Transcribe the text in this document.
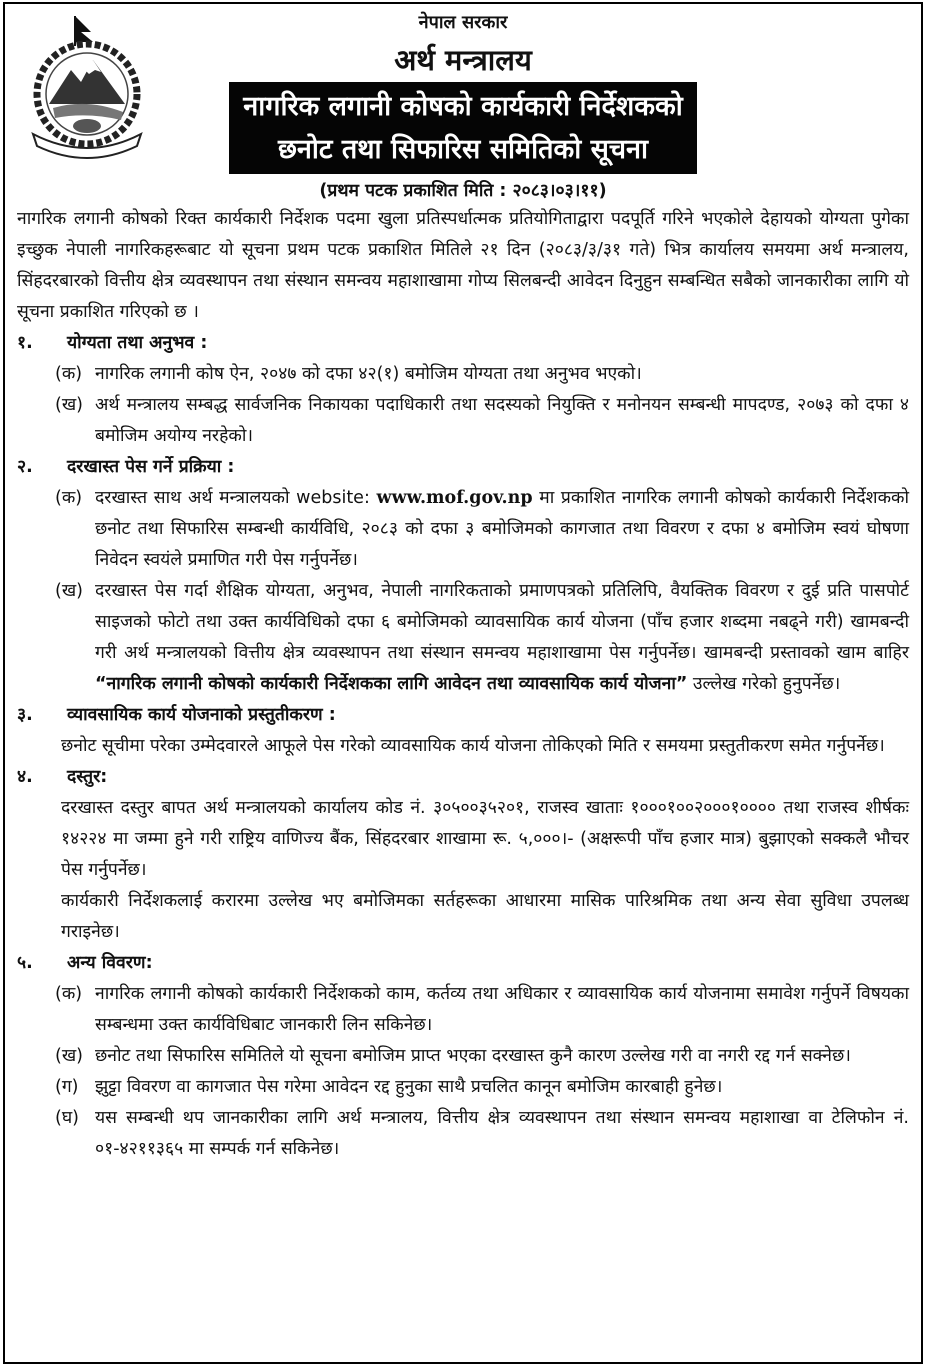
नेपाल सरकार
अर्थ मन्त्रालय
नागरिक लगानी कोषको कार्यकारी निर्देशकको
छनोट तथा सिफारिस समितिको सूचना
(प्रथम पटक प्रकाशित मिति : २०८३।०३।११)
नागरिक लगानी कोषको रिक्त कार्यकारी निर्देशक पदमा खुला प्रतिस्पर्धात्मक प्रतियोगिताद्वारा पदपूर्ति गरिने भएकोले देहायको योग्यता पुगेका इच्छुक नेपाली नागरिकहरूबाट यो सूचना प्रथम पटक प्रकाशित मितिले २१ दिन (२०८३/३/३१ गते) भित्र कार्यालय समयमा अर्थ मन्त्रालय, सिंहदरबारको वित्तीय क्षेत्र व्यवस्थापन तथा संस्थान समन्वय महाशाखामा गोप्य सिलबन्दी आवेदन दिनुहुन सम्बन्धित सबैको जानकारीका लागि यो सूचना प्रकाशित गरिएको छ ।
१.	योग्यता तथा अनुभव :
(क) नागरिक लगानी कोष ऐन, २०४७ को दफा ४२(१) बमोजिम योग्यता तथा अनुभव भएको।
(ख) अर्थ मन्त्रालय सम्बद्ध सार्वजनिक निकायका पदाधिकारी तथा सदस्यको नियुक्ति र मनोनयन सम्बन्धी मापदण्ड, २०७३ को दफा ४ बमोजिम अयोग्य नरहेको।
२.	दरखास्त पेस गर्ने प्रक्रिया :
(क) दरखास्त साथ अर्थ मन्त्रालयको website: www.mof.gov.np मा प्रकाशित नागरिक लगानी कोषको कार्यकारी निर्देशकको छनोट तथा सिफारिस सम्बन्धी कार्यविधि, २०८३ को दफा ३ बमोजिमको कागजात तथा विवरण र दफा ४ बमोजिम स्वयं घोषणा निवेदन स्वयंले प्रमाणित गरी पेस गर्नुपर्नेछ।
(ख) दरखास्त पेस गर्दा शैक्षिक योग्यता, अनुभव, नेपाली नागरिकताको प्रमाणपत्रको प्रतिलिपि, वैयक्तिक विवरण र दुई प्रति पासपोर्ट साइजको फोटो तथा उक्त कार्यविधिको दफा ६ बमोजिमको व्यावसायिक कार्य योजना (पाँच हजार शब्दमा नबढ्ने गरी) खामबन्दी गरी अर्थ मन्त्रालयको वित्तीय क्षेत्र व्यवस्थापन तथा संस्थान समन्वय महाशाखामा पेस गर्नुपर्नेछ। खामबन्दी प्रस्तावको खाम बाहिर “नागरिक लगानी कोषको कार्यकारी निर्देशकका लागि आवेदन तथा व्यावसायिक कार्य योजना” उल्लेख गरेको हुनुपर्नेछ।
३.	व्यावसायिक कार्य योजनाको प्रस्तुतीकरण :
छनोट सूचीमा परेका उम्मेदवारले आफूले पेस गरेको व्यावसायिक कार्य योजना तोकिएको मिति र समयमा प्रस्तुतीकरण समेत गर्नुपर्नेछ।
४.	दस्तुर:
दरखास्त दस्तुर बापत अर्थ मन्त्रालयको कार्यालय कोड नं. ३०५००३५२०१, राजस्व खाताः १०००१००२०००१०००० तथा राजस्व शीर्षकः १४२२४ मा जम्मा हुने गरी राष्ट्रिय वाणिज्य बैंक, सिंहदरबार शाखामा रू. ५,०००।- (अक्षरूपी पाँच हजार मात्र) बुझाएको सक्कलै भौचर पेस गर्नुपर्नेछ।
कार्यकारी निर्देशकलाई करारमा उल्लेख भए बमोजिमका सर्तहरूका आधारमा मासिक पारिश्रमिक तथा अन्य सेवा सुविधा उपलब्ध गराइनेछ।
५.	अन्य विवरण:
(क) नागरिक लगानी कोषको कार्यकारी निर्देशकको काम, कर्तव्य तथा अधिकार र व्यावसायिक कार्य योजनामा समावेश गर्नुपर्ने विषयका सम्बन्धमा उक्त कार्यविधिबाट जानकारी लिन सकिनेछ।
(ख) छनोट तथा सिफारिस समितिले यो सूचना बमोजिम प्राप्त भएका दरखास्त कुनै कारण उल्लेख गरी वा नगरी रद्द गर्न सक्नेछ।
(ग) झुट्टा विवरण वा कागजात पेस गरेमा आवेदन रद्द हुनुका साथै प्रचलित कानून बमोजिम कारबाही हुनेछ।
(घ) यस सम्बन्धी थप जानकारीका लागि अर्थ मन्त्रालय, वित्तीय क्षेत्र व्यवस्थापन तथा संस्थान समन्वय महाशाखा वा टेलिफोन नं. ०१-४२११३६५ मा सम्पर्क गर्न सकिनेछ।
